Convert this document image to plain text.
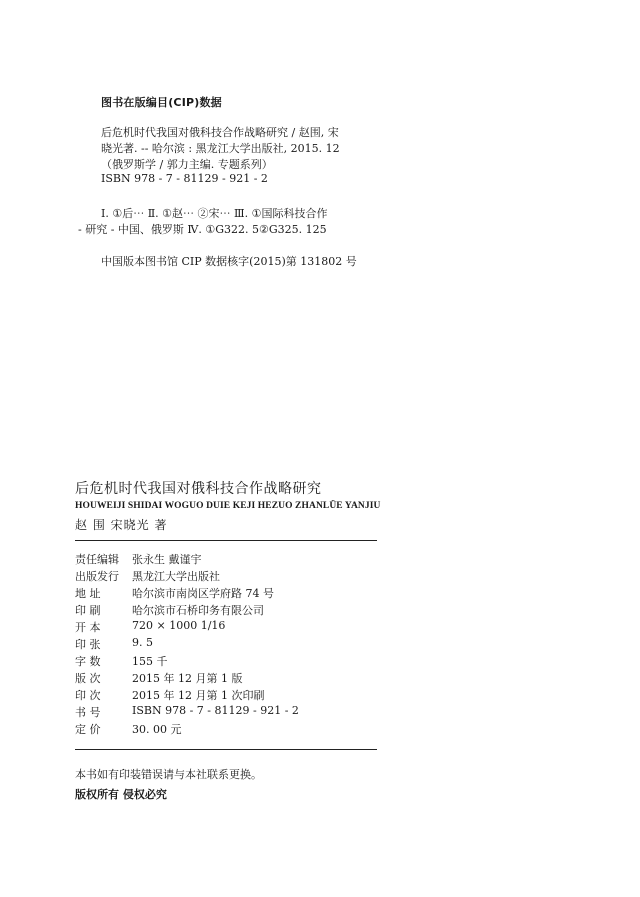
图书在版编目(CIP)数据
后危机时代我国对俄科技合作战略研究 / 赵围, 宋
晓光著. -- 哈尔滨 : 黑龙江大学出版社, 2015. 12
（俄罗斯学 / 郭力主编. 专题系列）
ISBN 978 - 7 - 81129 - 921 - 2
Ⅰ. ①后⋯ Ⅱ. ①赵⋯ ②宋⋯ Ⅲ. ①国际科技合作
- 研究 - 中国、俄罗斯 Ⅳ. ①G322. 5②G325. 125
中国版本图书馆 CIP 数据核字(2015)第 131802 号
后危机时代我国对俄科技合作战略研究
HOUWEIJI SHIDAI WOGUO DUIE KEJI HEZUO ZHANLÜE YANJIU
赵 围 宋晓光 著
责任编辑	张永生 戴谨宇
出版发行	黑龙江大学出版社
地 址	哈尔滨市南岗区学府路 74 号
印 刷	哈尔滨市石桥印务有限公司
开 本	720 × 1000 1/16
印 张	9. 5
字 数	155 千
版 次	2015 年 12 月第 1 版
印 次	2015 年 12 月第 1 次印刷
书 号	ISBN 978 - 7 - 81129 - 921 - 2
定 价	30. 00 元
本书如有印装错误请与本社联系更换。
版权所有 侵权必究
